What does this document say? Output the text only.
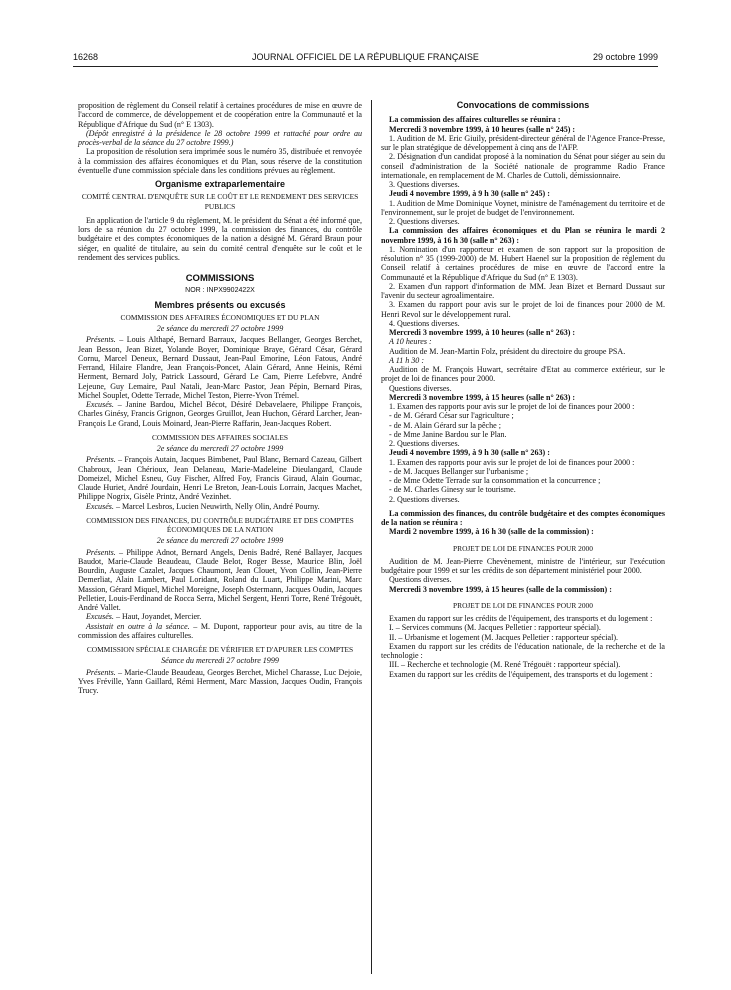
16268	JOURNAL OFFICIEL DE LA RÉPUBLIQUE FRANÇAISE	29 octobre 1999

proposition de règlement du Conseil relatif à certaines procédures de mise en œuvre de l'accord de commerce, de développement et de coopération entre la Communauté et la République d'Afrique du Sud (n° E 1303).

(Dépôt enregistré à la présidence le 28 octobre 1999 et rattaché pour ordre au procès-verbal de la séance du 27 octobre 1999.)

La proposition de résolution sera imprimée sous le numéro 35, distribuée et renvoyée à la commission des affaires économiques et du Plan, sous réserve de la constitution éventuelle d'une commission spéciale dans les conditions prévues au règlement.

Organisme extraparlementaire
COMITÉ CENTRAL D'ENQUÊTE SUR LE COÛT ET LE RENDEMENT DES SERVICES PUBLICS

En application de l'article 9 du règlement, M. le président du Sénat a été informé que, lors de sa réunion du 27 octobre 1999, la commission des finances, du contrôle budgétaire et des comptes économiques de la nation a désigné M. Gérard Braun pour siéger, en qualité de titulaire, au sein du comité central d'enquête sur le coût et le rendement des services publics.

COMMISSIONS
NOR : INPX9902422X
Membres présents ou excusés
COMMISSION DES AFFAIRES ÉCONOMIQUES ET DU PLAN
2e séance du mercredi 27 octobre 1999

Présents. – Louis Althapé, Bernard Barraux, Jacques Bellanger, Georges Berchet, Jean Besson, Jean Bizet, Yolande Boyer, Dominique Braye, Gérard César, Gérard Cornu, Marcel Deneux, Bernard Dussaut, Jean-Paul Emorine, Léon Fatous, André Ferrand, Hilaire Flandre, Jean François-Poncet, Alain Gérard, Anne Heinis, Rémi Herment, Bernard Joly, Patrick Lassourd, Gérard Le Cam, Pierre Lefebvre, André Lejeune, Guy Lemaire, Paul Natali, Jean-Marc Pastor, Jean Pépin, Bernard Piras, Michel Souplet, Odette Terrade, Michel Teston, Pierre-Yvon Trémel.

Excusés. – Janine Bardou, Michel Bécot, Désiré Debavelaere, Philippe François, Charles Ginésy, Francis Grignon, Georges Gruillot, Jean Huchon, Gérard Larcher, Jean-François Le Grand, Louis Moinard, Jean-Pierre Raffarin, Jean-Jacques Robert.

COMMISSION DES AFFAIRES SOCIALES
2e séance du mercredi 27 octobre 1999

Présents. – François Autain, Jacques Bimbenet, Paul Blanc, Bernard Cazeau, Gilbert Chabroux, Jean Chérioux, Jean Delaneau, Marie-Madeleine Dieulangard, Claude Domeizel, Michel Esneu, Guy Fischer, Alfred Foy, Francis Giraud, Alain Gournac, Claude Huriet, André Jourdain, Henri Le Breton, Jean-Louis Lorrain, Jacques Machet, Philippe Nogrix, Gisèle Printz, André Vezinhet.

Excusés. – Marcel Lesbros, Lucien Neuwirth, Nelly Olin, André Pourny.

COMMISSION DES FINANCES, DU CONTRÔLE BUDGÉTAIRE ET DES COMPTES ÉCONOMIQUES DE LA NATION
2e séance du mercredi 27 octobre 1999

Présents. – Philippe Adnot, Bernard Angels, Denis Badré, René Ballayer, Jacques Baudot, Marie-Claude Beaudeau, Claude Belot, Roger Besse, Maurice Blin, Joël Bourdin, Auguste Cazalet, Jacques Chaumont, Jean Clouet, Yvon Collin, Jean-Pierre Demerliat, Alain Lambert, Paul Loridant, Roland du Luart, Philippe Marini, Marc Massion, Gérard Miquel, Michel Moreigne, Joseph Ostermann, Jacques Oudin, Jacques Pelletier, Louis-Ferdinand de Rocca Serra, Michel Sergent, Henri Torre, René Trégouët, André Vallet.

Excusés. – Haut, Joyandet, Mercier.

Assistait en outre à la séance. – M. Dupont, rapporteur pour avis, au titre de la commission des affaires culturelles.

COMMISSION SPÉCIALE CHARGÉE DE VÉRIFIER ET D'APURER LES COMPTES
Séance du mercredi 27 octobre 1999

Présents. – Marie-Claude Beaudeau, Georges Berchet, Michel Charasse, Luc Dejoie, Yves Fréville, Yann Gaillard, Rémi Herment, Marc Massion, Jacques Oudin, François Trucy.

Convocations de commissions

La commission des affaires culturelles se réunira :

Mercredi 3 novembre 1999, à 10 heures (salle n° 245) :

1. Audition de M. Eric Giuily, président-directeur général de l'Agence France-Presse, sur le plan stratégique de développement à cinq ans de l'AFP.

2. Désignation d'un candidat proposé à la nomination du Sénat pour siéger au sein du conseil d'administration de la Société nationale de programme Radio France internationale, en remplacement de M. Charles de Cuttoli, démissionnaire.

3. Questions diverses.

Jeudi 4 novembre 1999, à 9 h 30 (salle n° 245) :

1. Audition de Mme Dominique Voynet, ministre de l'aménagement du territoire et de l'environnement, sur le projet de budget de l'environnement.

2. Questions diverses.

La commission des affaires économiques et du Plan se réunira le mardi 2 novembre 1999, à 16 h 30 (salle n° 263) :

1. Nomination d'un rapporteur et examen de son rapport sur la proposition de résolution n° 35 (1999-2000) de M. Hubert Haenel sur la proposition de règlement du Conseil relatif à certaines procédures de mise en œuvre de l'accord entre la Communauté et la République d'Afrique du Sud (n° E 1303).

2. Examen d'un rapport d'information de MM. Jean Bizet et Bernard Dussaut sur l'avenir du secteur agroalimentaire.

3. Examen du rapport pour avis sur le projet de loi de finances pour 2000 de M. Henri Revol sur le développement rural.

4. Questions diverses.

Mercredi 3 novembre 1999, à 10 heures (salle n° 263) :

A 10 heures :

Audition de M. Jean-Martin Folz, président du directoire du groupe PSA.

A 11 h 30 :

Audition de M. François Huwart, secrétaire d'Etat au commerce extérieur, sur le projet de loi de finances pour 2000.

Questions diverses.

Mercredi 3 novembre 1999, à 15 heures (salle n° 263) :

1. Examen des rapports pour avis sur le projet de loi de finances pour 2000 :

- de M. Gérard César sur l'agriculture ;

- de M. Alain Gérard sur la pêche ;

- de Mme Janine Bardou sur le Plan.

2. Questions diverses.

Jeudi 4 novembre 1999, à 9 h 30 (salle n° 263) :

1. Examen des rapports pour avis sur le projet de loi de finances pour 2000 :

- de M. Jacques Bellanger sur l'urbanisme ;

- de Mme Odette Terrade sur la consommation et la concurrence ;

- de M. Charles Ginesy sur le tourisme.

2. Questions diverses.

La commission des finances, du contrôle budgétaire et des comptes économiques de la nation se réunira :

Mardi 2 novembre 1999, à 16 h 30 (salle de la commission) :

PROJET DE LOI DE FINANCES POUR 2000

Audition de M. Jean-Pierre Chevènement, ministre de l'intérieur, sur l'exécution budgétaire pour 1999 et sur les crédits de son département ministériel pour 2000.

Questions diverses.

Mercredi 3 novembre 1999, à 15 heures (salle de la commission) :

PROJET DE LOI DE FINANCES POUR 2000

Examen du rapport sur les crédits de l'équipement, des transports et du logement :

I. – Services communs (M. Jacques Pelletier : rapporteur spécial).

II. – Urbanisme et logement (M. Jacques Pelletier : rapporteur spécial).

Examen du rapport sur les crédits de l'éducation nationale, de la recherche et de la technologie :

III. – Recherche et technologie (M. René Trégouët : rapporteur spécial).

Examen du rapport sur les crédits de l'équipement, des transports et du logement :
